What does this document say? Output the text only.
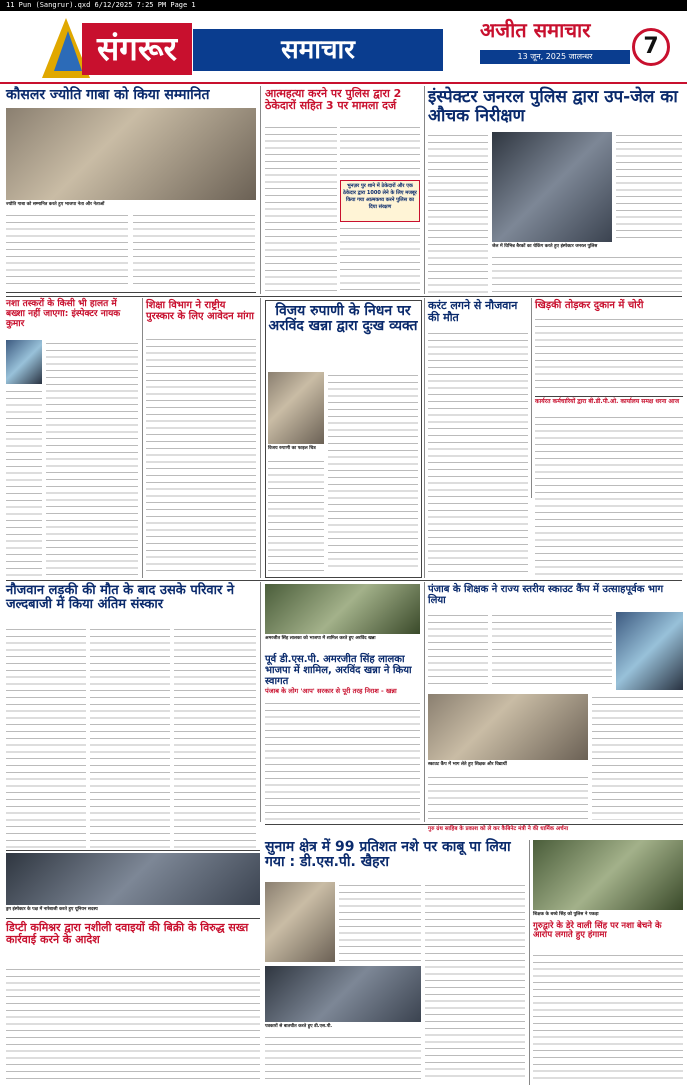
11 Pun (Sangrur).qxd 6/12/2025 7:25 PM Page 1
संगरूर	समाचार
अजीत समाचार
13 जून, 2025 जालन्धर	7
कौसलर ज्योति गाबा को किया सम्मानित
ज्योति गाबा को सम्मानित करते हुए भाजपा नेता और नेताओं
आत्महत्या करने पर पुलिस द्वारा 2 ठेकेदारों सहित 3 पर मामला दर्ज
भुनज़र पुर शाने में ठेकेदारों और एक ठेकेदार द्वारा 1000 लेने के लिए मजबूर किया गया आत्मकथ्य करने पुलिस का दिया संरक्षण
इंस्पेक्टर जनरल पुलिस द्वारा उप-जेल का औचक निरीक्षण
जेल में विभिन्न बैरकों का चेकिंग करते हुए इंस्पेक्टर जनरल पुलिस
नशा तस्करों के किसी भी हालत में बख्शा नहीं जाएगा: इंस्पेक्टर नायक कुमार
शिक्षा विभाग ने राष्ट्रीय पुरस्कार के लिए आवेदन मांगा	विजय रुपाणी के निधन पर अरविंद खन्ना द्वारा दुःख व्यक्त
विजय रुपाणी का फाइल चित्र
करंट लगने से नौजवान की मौत
खिड़की तोड़कर दुकान में चोरी
कार्यरत कर्मचारियों द्वारा बी.डी.पी.ओ. कार्यालय समक्ष धरना आज
नौजवान लड़की की मौत के बाद उसके परिवार ने जल्दबाजी में किया अंतिम संस्कार
अमरजीत सिंह लालका को भाजपा में शामिल करते हुए अरविंद खन्ना
पूर्व डी.एस.पी. अमरजीत सिंह लालका भाजपा में शामिल, अरविंद खन्ना ने किया स्वागत
पंजाब के लोग 'आप' सरकार से पूरी तरह निराश - खन्ना
पंजाब के शिक्षक ने राज्य स्तरीय स्काउट कैंप में उत्साहपूर्वक भाग लिया
स्काउट कैंप में भाग लेते हुए शिक्षक और विद्यार्थी
ड्रग इंस्पेक्टर के पक्ष में नारेबाजी करते हुए यूनियन सदस्य
गुरु ग्रंथ साहिब के प्रकाश को ले कर कैबिनेट मंत्री ने की धार्मिक अर्चना
सुनाम क्षेत्र में 99 प्रतिशत नशे पर काबू पा लिया गया : डी.एस.पी. खैहरा
पत्रकारों से बातचीत करते हुए डी.एस.पी.
डिप्टी कमिश्नर द्वारा नशीली दवाइयों की बिक्री के विरुद्ध सख्त कार्रवाई करने के आदेश
शिक्षक के बच्चे सिंह को पुलिस ने पकड़ा
गुरुद्वारे के डेरे वाली सिंह पर नशा बेचने के आरोप लगाते हुए हंगामा
